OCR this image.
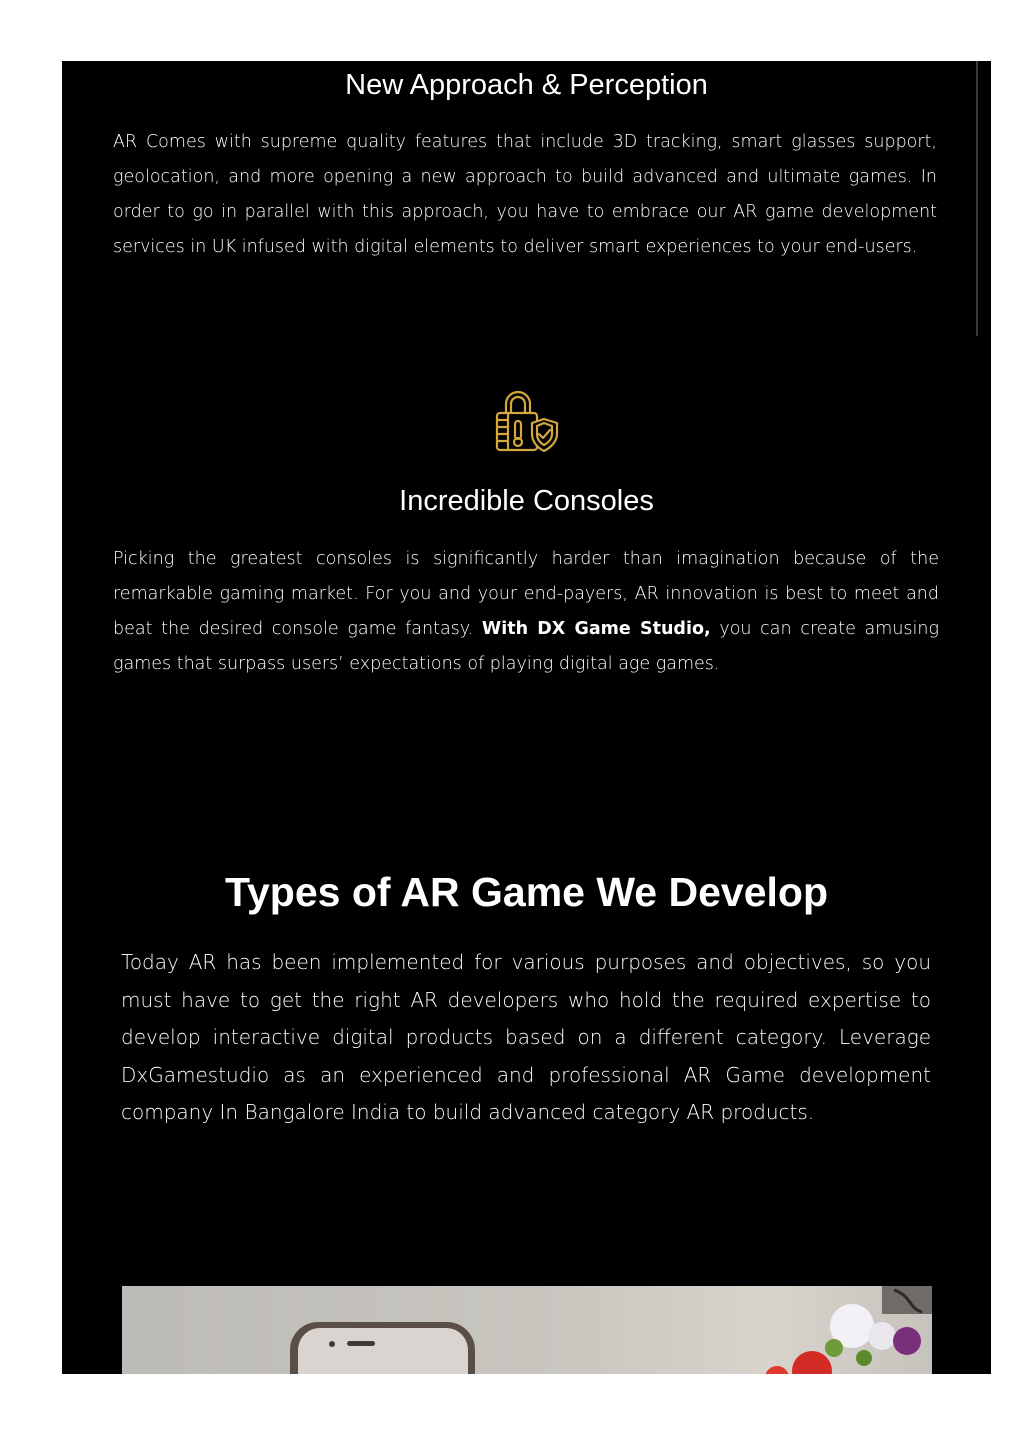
New Approach & Perception

AR Comes with supreme quality features that include 3D tracking, smart glasses support, geolocation, and more opening a new approach to build advanced and ultimate games. In order to go in parallel with this approach, you have to embrace our AR game development services in UK infused with digital elements to deliver smart experiences to your end-users.

Incredible Consoles

Picking the greatest consoles is significantly harder than imagination because of the remarkable gaming market. For you and your end-payers, AR innovation is best to meet and beat the desired console game fantasy. With DX Game Studio, you can create amusing games that surpass users’ expectations of playing digital age games.

Types of AR Game We Develop

Today AR has been implemented for various purposes and objectives, so you must have to get the right AR developers who hold the required expertise to develop interactive digital products based on a different category. Leverage DxGamestudio as an experienced and professional AR Game development company In Bangalore India to build advanced category AR products.
